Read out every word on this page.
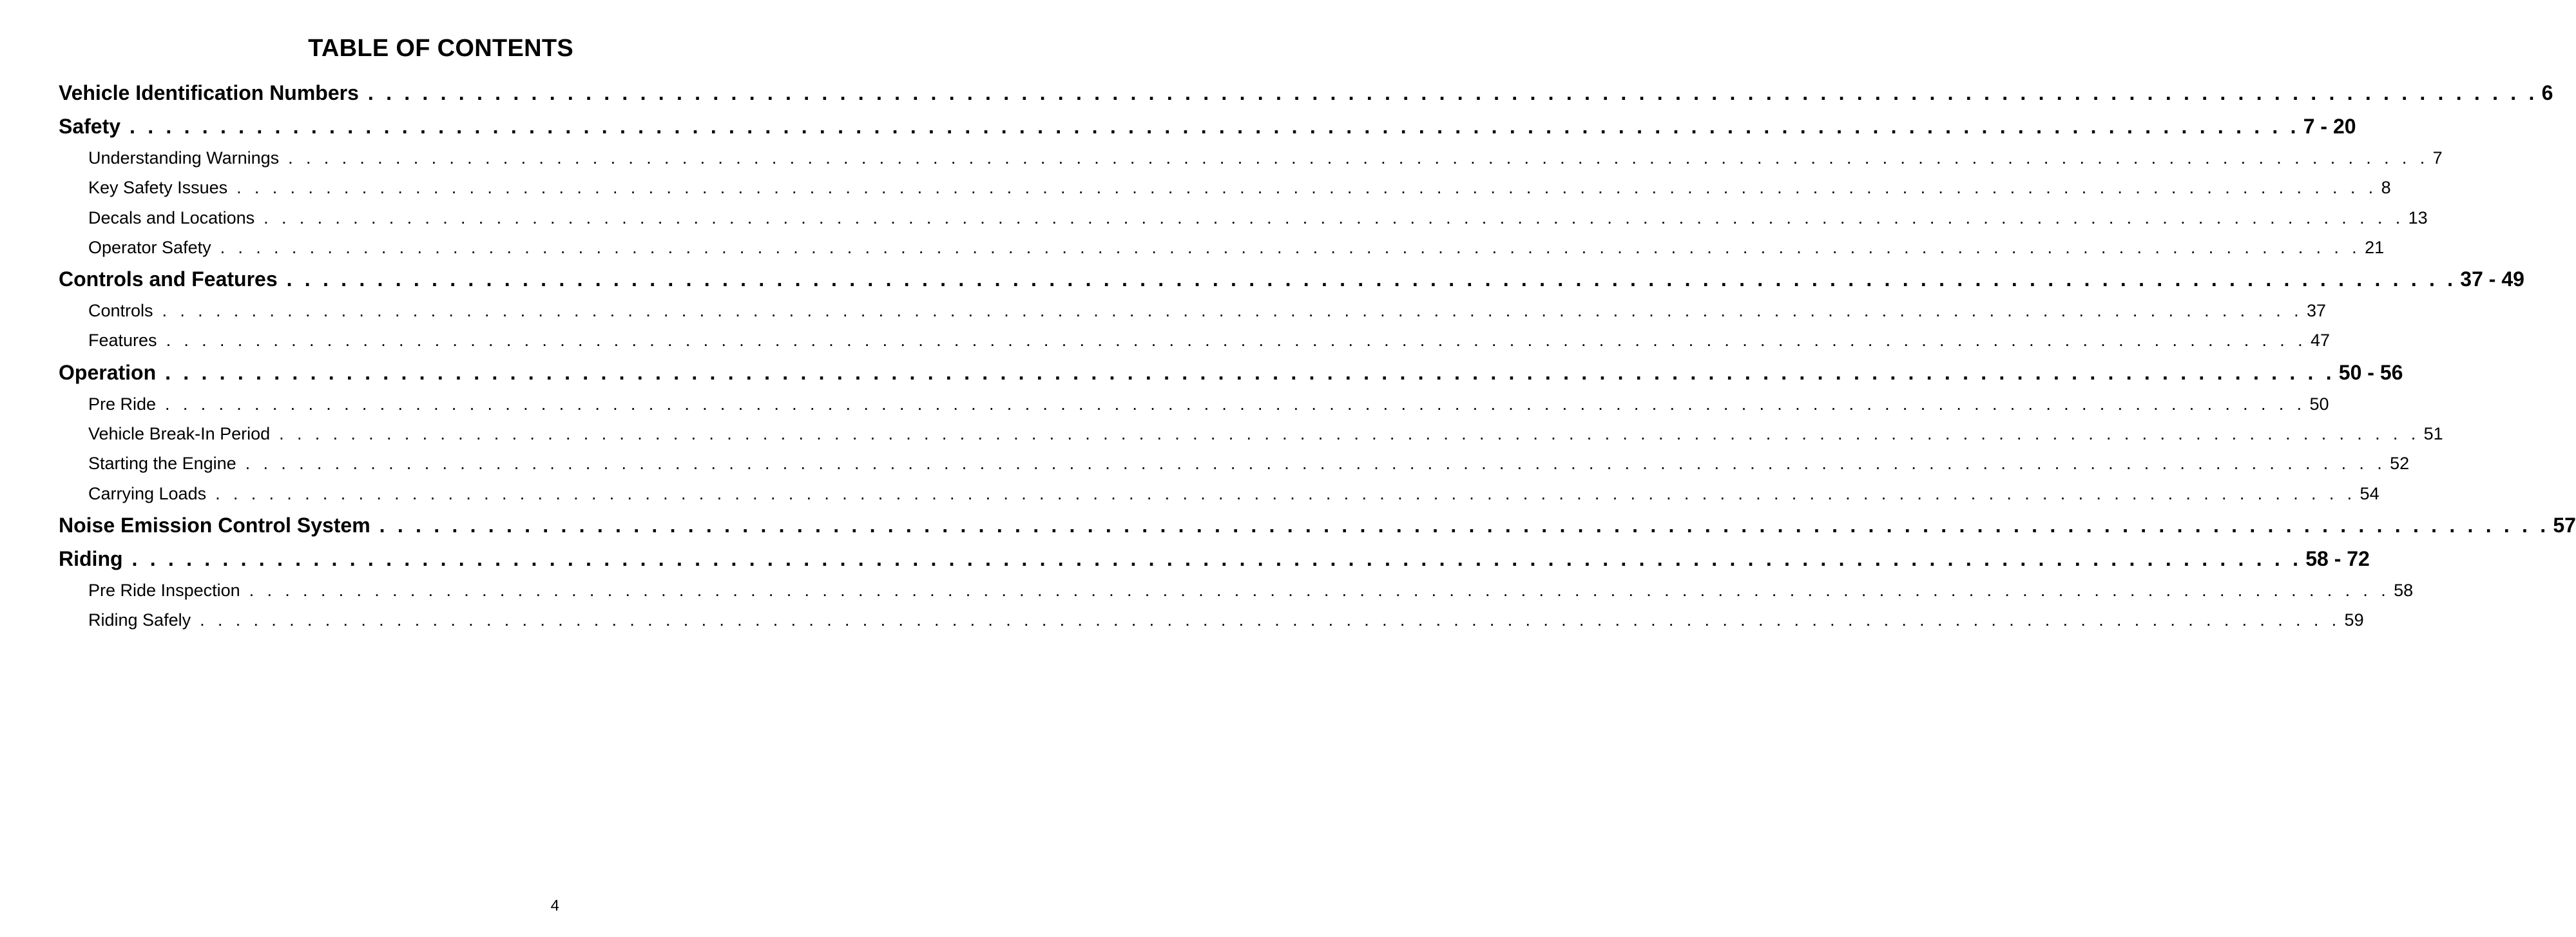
TABLE OF CONTENTS
Vehicle Identification Numbers . . . . . . . . . . . . . . . . . . . . . . . . . . . . . . . . . . . . . . . . . . . . . . . . . . . . . . . . . . . . . . . . . . . . . . . . . . . . . . . . . . . . . . . . . . . . . . . . . . . . . . . . . . . . . . . . . . . . . . . . 6
Safety . . . . . . . . . . . . . . . . . . . . . . . . . . . . . . . . . . . . . . . . . . . . . . . . . . . . . . . . . . . . . . . . . . . . . . . . . . . . . . . . . . . . . . . . . . . . . . . . . . . . . . . . . . . . . . . . . . . . . . . . 7 - 20
Understanding Warnings . . . . . . . . . . . . . . . . . . . . . . . . . . . . . . . . . . . . . . . . . . . . . . . . . . . . . . . . . . . . . . . . . . . . . . . . . . . . . . . . . . . . . . . . . . . . . . . . . . . . . . . . . . . . . . . . . . . . . . . . 7
Key Safety Issues . . . . . . . . . . . . . . . . . . . . . . . . . . . . . . . . . . . . . . . . . . . . . . . . . . . . . . . . . . . . . . . . . . . . . . . . . . . . . . . . . . . . . . . . . . . . . . . . . . . . . . . . . . . . . . . . . . . . . . . . 8
Decals and Locations . . . . . . . . . . . . . . . . . . . . . . . . . . . . . . . . . . . . . . . . . . . . . . . . . . . . . . . . . . . . . . . . . . . . . . . . . . . . . . . . . . . . . . . . . . . . . . . . . . . . . . . . . . . . . . . . . . . . . . . . 13
Operator Safety . . . . . . . . . . . . . . . . . . . . . . . . . . . . . . . . . . . . . . . . . . . . . . . . . . . . . . . . . . . . . . . . . . . . . . . . . . . . . . . . . . . . . . . . . . . . . . . . . . . . . . . . . . . . . . . . . . . . . . . . 21
Controls and Features . . . . . . . . . . . . . . . . . . . . . . . . . . . . . . . . . . . . . . . . . . . . . . . . . . . . . . . . . . . . . . . . . . . . . . . . . . . . . . . . . . . . . . . . . . . . . . . . . . . . . . . . . . . . . . . . . . . . . . . . 37 - 49
Controls . . . . . . . . . . . . . . . . . . . . . . . . . . . . . . . . . . . . . . . . . . . . . . . . . . . . . . . . . . . . . . . . . . . . . . . . . . . . . . . . . . . . . . . . . . . . . . . . . . . . . . . . . . . . . . . . . . . . . . . . 37
Features . . . . . . . . . . . . . . . . . . . . . . . . . . . . . . . . . . . . . . . . . . . . . . . . . . . . . . . . . . . . . . . . . . . . . . . . . . . . . . . . . . . . . . . . . . . . . . . . . . . . . . . . . . . . . . . . . . . . . . . . 47
Operation . . . . . . . . . . . . . . . . . . . . . . . . . . . . . . . . . . . . . . . . . . . . . . . . . . . . . . . . . . . . . . . . . . . . . . . . . . . . . . . . . . . . . . . . . . . . . . . . . . . . . . . . . . . . . . . . . . . . . . . . 50 - 56
Pre Ride . . . . . . . . . . . . . . . . . . . . . . . . . . . . . . . . . . . . . . . . . . . . . . . . . . . . . . . . . . . . . . . . . . . . . . . . . . . . . . . . . . . . . . . . . . . . . . . . . . . . . . . . . . . . . . . . . . . . . . . . 50
Vehicle Break-In Period . . . . . . . . . . . . . . . . . . . . . . . . . . . . . . . . . . . . . . . . . . . . . . . . . . . . . . . . . . . . . . . . . . . . . . . . . . . . . . . . . . . . . . . . . . . . . . . . . . . . . . . . . . . . . . . . . . . . . . . . 51
Starting the Engine . . . . . . . . . . . . . . . . . . . . . . . . . . . . . . . . . . . . . . . . . . . . . . . . . . . . . . . . . . . . . . . . . . . . . . . . . . . . . . . . . . . . . . . . . . . . . . . . . . . . . . . . . . . . . . . . . . . . . . . . 52
Carrying Loads . . . . . . . . . . . . . . . . . . . . . . . . . . . . . . . . . . . . . . . . . . . . . . . . . . . . . . . . . . . . . . . . . . . . . . . . . . . . . . . . . . . . . . . . . . . . . . . . . . . . . . . . . . . . . . . . . . . . . . . . 54
Noise Emission Control System . . . . . . . . . . . . . . . . . . . . . . . . . . . . . . . . . . . . . . . . . . . . . . . . . . . . . . . . . . . . . . . . . . . . . . . . . . . . . . . . . . . . . . . . . . . . . . . . . . . . . . . . . . . . . . . . . . . . . . . . 57
Riding . . . . . . . . . . . . . . . . . . . . . . . . . . . . . . . . . . . . . . . . . . . . . . . . . . . . . . . . . . . . . . . . . . . . . . . . . . . . . . . . . . . . . . . . . . . . . . . . . . . . . . . . . . . . . . . . . . . . . . . . 58 - 72
Pre Ride Inspection . . . . . . . . . . . . . . . . . . . . . . . . . . . . . . . . . . . . . . . . . . . . . . . . . . . . . . . . . . . . . . . . . . . . . . . . . . . . . . . . . . . . . . . . . . . . . . . . . . . . . . . . . . . . . . . . . . . . . . . . 58
Riding Safely . . . . . . . . . . . . . . . . . . . . . . . . . . . . . . . . . . . . . . . . . . . . . . . . . . . . . . . . . . . . . . . . . . . . . . . . . . . . . . . . . . . . . . . . . . . . . . . . . . . . . . . . . . . . . . . . . . . . . . . . 59
4
